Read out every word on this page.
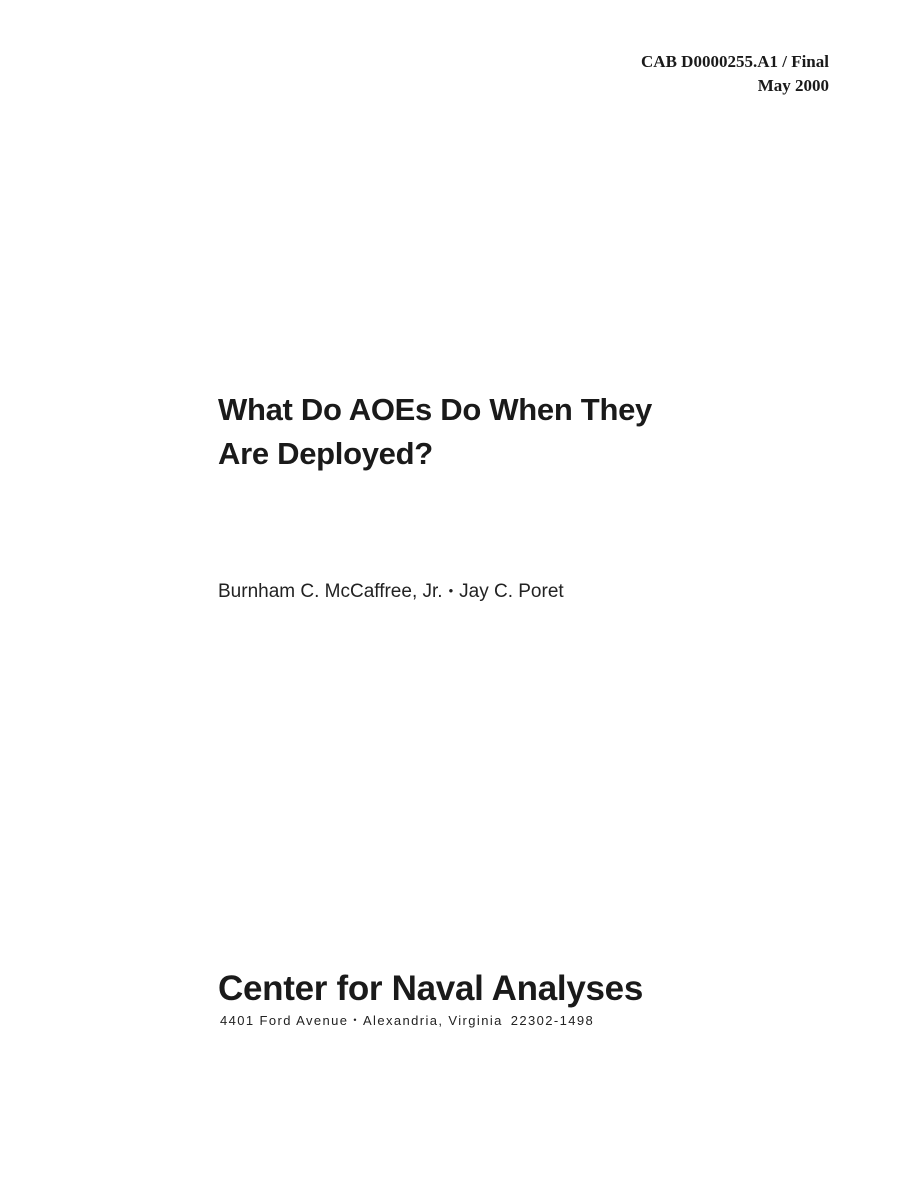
CAB D0000255.A1 / Final
May 2000
What Do AOEs Do When They
Are Deployed?
Burnham C. McCaffree, Jr. • Jay C. Poret
Center for Naval Analyses
4401 Ford Avenue • Alexandria, Virginia 22302-1498
